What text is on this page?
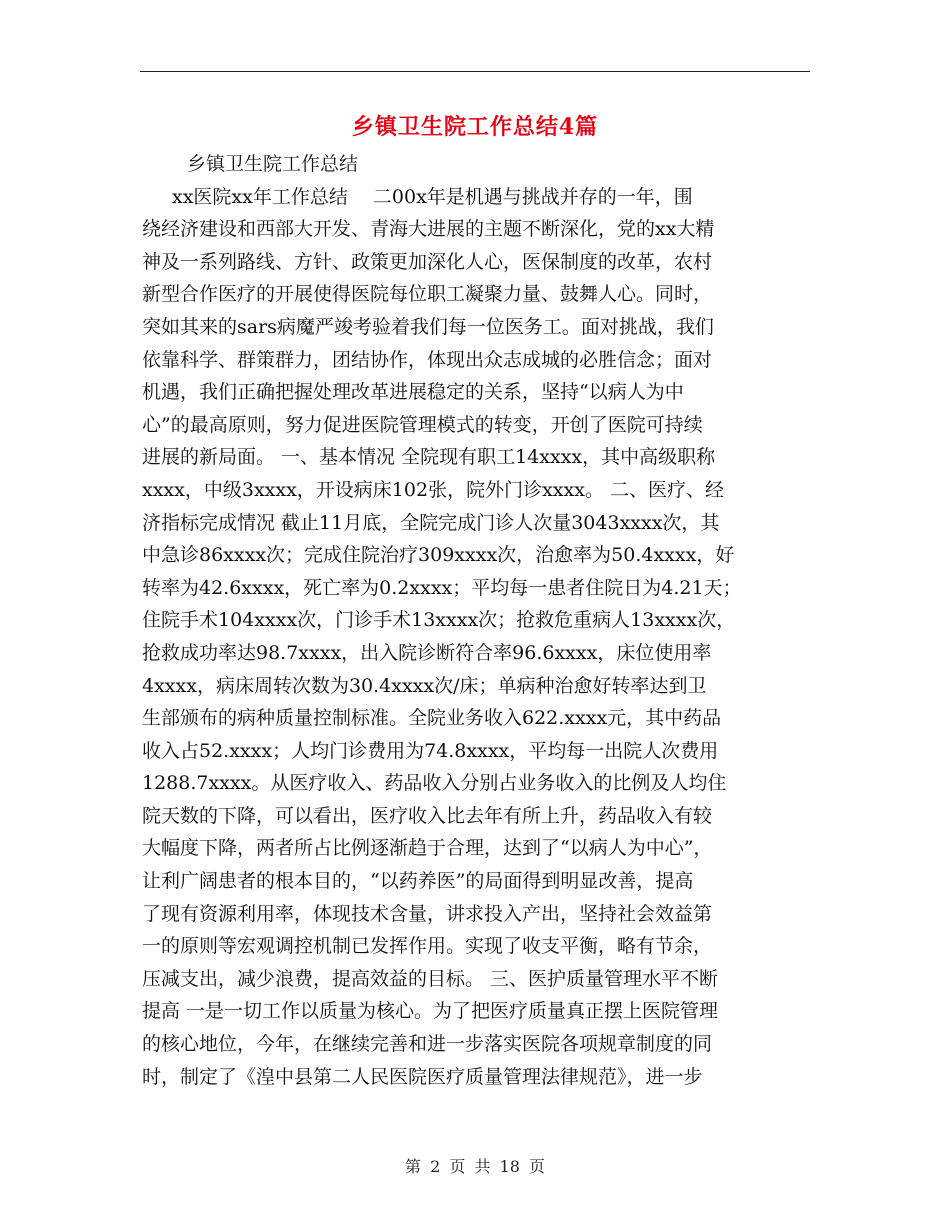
乡镇卫生院工作总结4篇
乡镇卫生院工作总结
xx医院xx年工作总结　 二00x年是机遇与挑战并存的一年，围
绕经济建设和西部大开发、青海大进展的主题不断深化，党的xx大精
神及一系列路线、方针、政策更加深化人心，医保制度的改革，农村
新型合作医疗的开展使得医院每位职工凝聚力量、鼓舞人心。同时，
突如其来的sars病魔严竣考验着我们每一位医务工。面对挑战，我们
依靠科学、群策群力，团结协作，体现出众志成城的必胜信念；面对
机遇，我们正确把握处理改革进展稳定的关系，坚持“以病人为中
心”的最高原则，努力促进医院管理模式的转变，开创了医院可持续
进展的新局面。 一、基本情况 全院现有职工14xxxx，其中高级职称
xxxx，中级3xxxx，开设病床102张，院外门诊xxxx。 二、医疗、经
济指标完成情况 截止11月底，全院完成门诊人次量3043xxxx次，其
中急诊86xxxx次；完成住院治疗309xxxx次，治愈率为50.4xxxx，好
转率为42.6xxxx，死亡率为0.2xxxx；平均每一患者住院日为4.21天；
住院手术104xxxx次，门诊手术13xxxx次；抢救危重病人13xxxx次，
抢救成功率达98.7xxxx，出入院诊断符合率96.6xxxx，床位使用率
4xxxx，病床周转次数为30.4xxxx次/床；单病种治愈好转率达到卫
生部颁布的病种质量控制标准。全院业务收入622.xxxx元，其中药品
收入占52.xxxx；人均门诊费用为74.8xxxx，平均每一出院人次费用
1288.7xxxx。从医疗收入、药品收入分别占业务收入的比例及人均住
院天数的下降，可以看出，医疗收入比去年有所上升，药品收入有较
大幅度下降，两者所占比例逐渐趋于合理，达到了“以病人为中心”，
让利广阔患者的根本目的，“以药养医”的局面得到明显改善，提高
了现有资源利用率，体现技术含量，讲求投入产出，坚持社会效益第
一的原则等宏观调控机制已发挥作用。实现了收支平衡，略有节余，
压减支出，减少浪费，提高效益的目标。 三、医护质量管理水平不断
提高 一是一切工作以质量为核心。为了把医疗质量真正摆上医院管理
的核心地位，今年，在继续完善和进一步落实医院各项规章制度的同
时，制定了《湟中县第二人民医院医疗质量管理法律规范》，进一步
第 2 页 共 18 页
